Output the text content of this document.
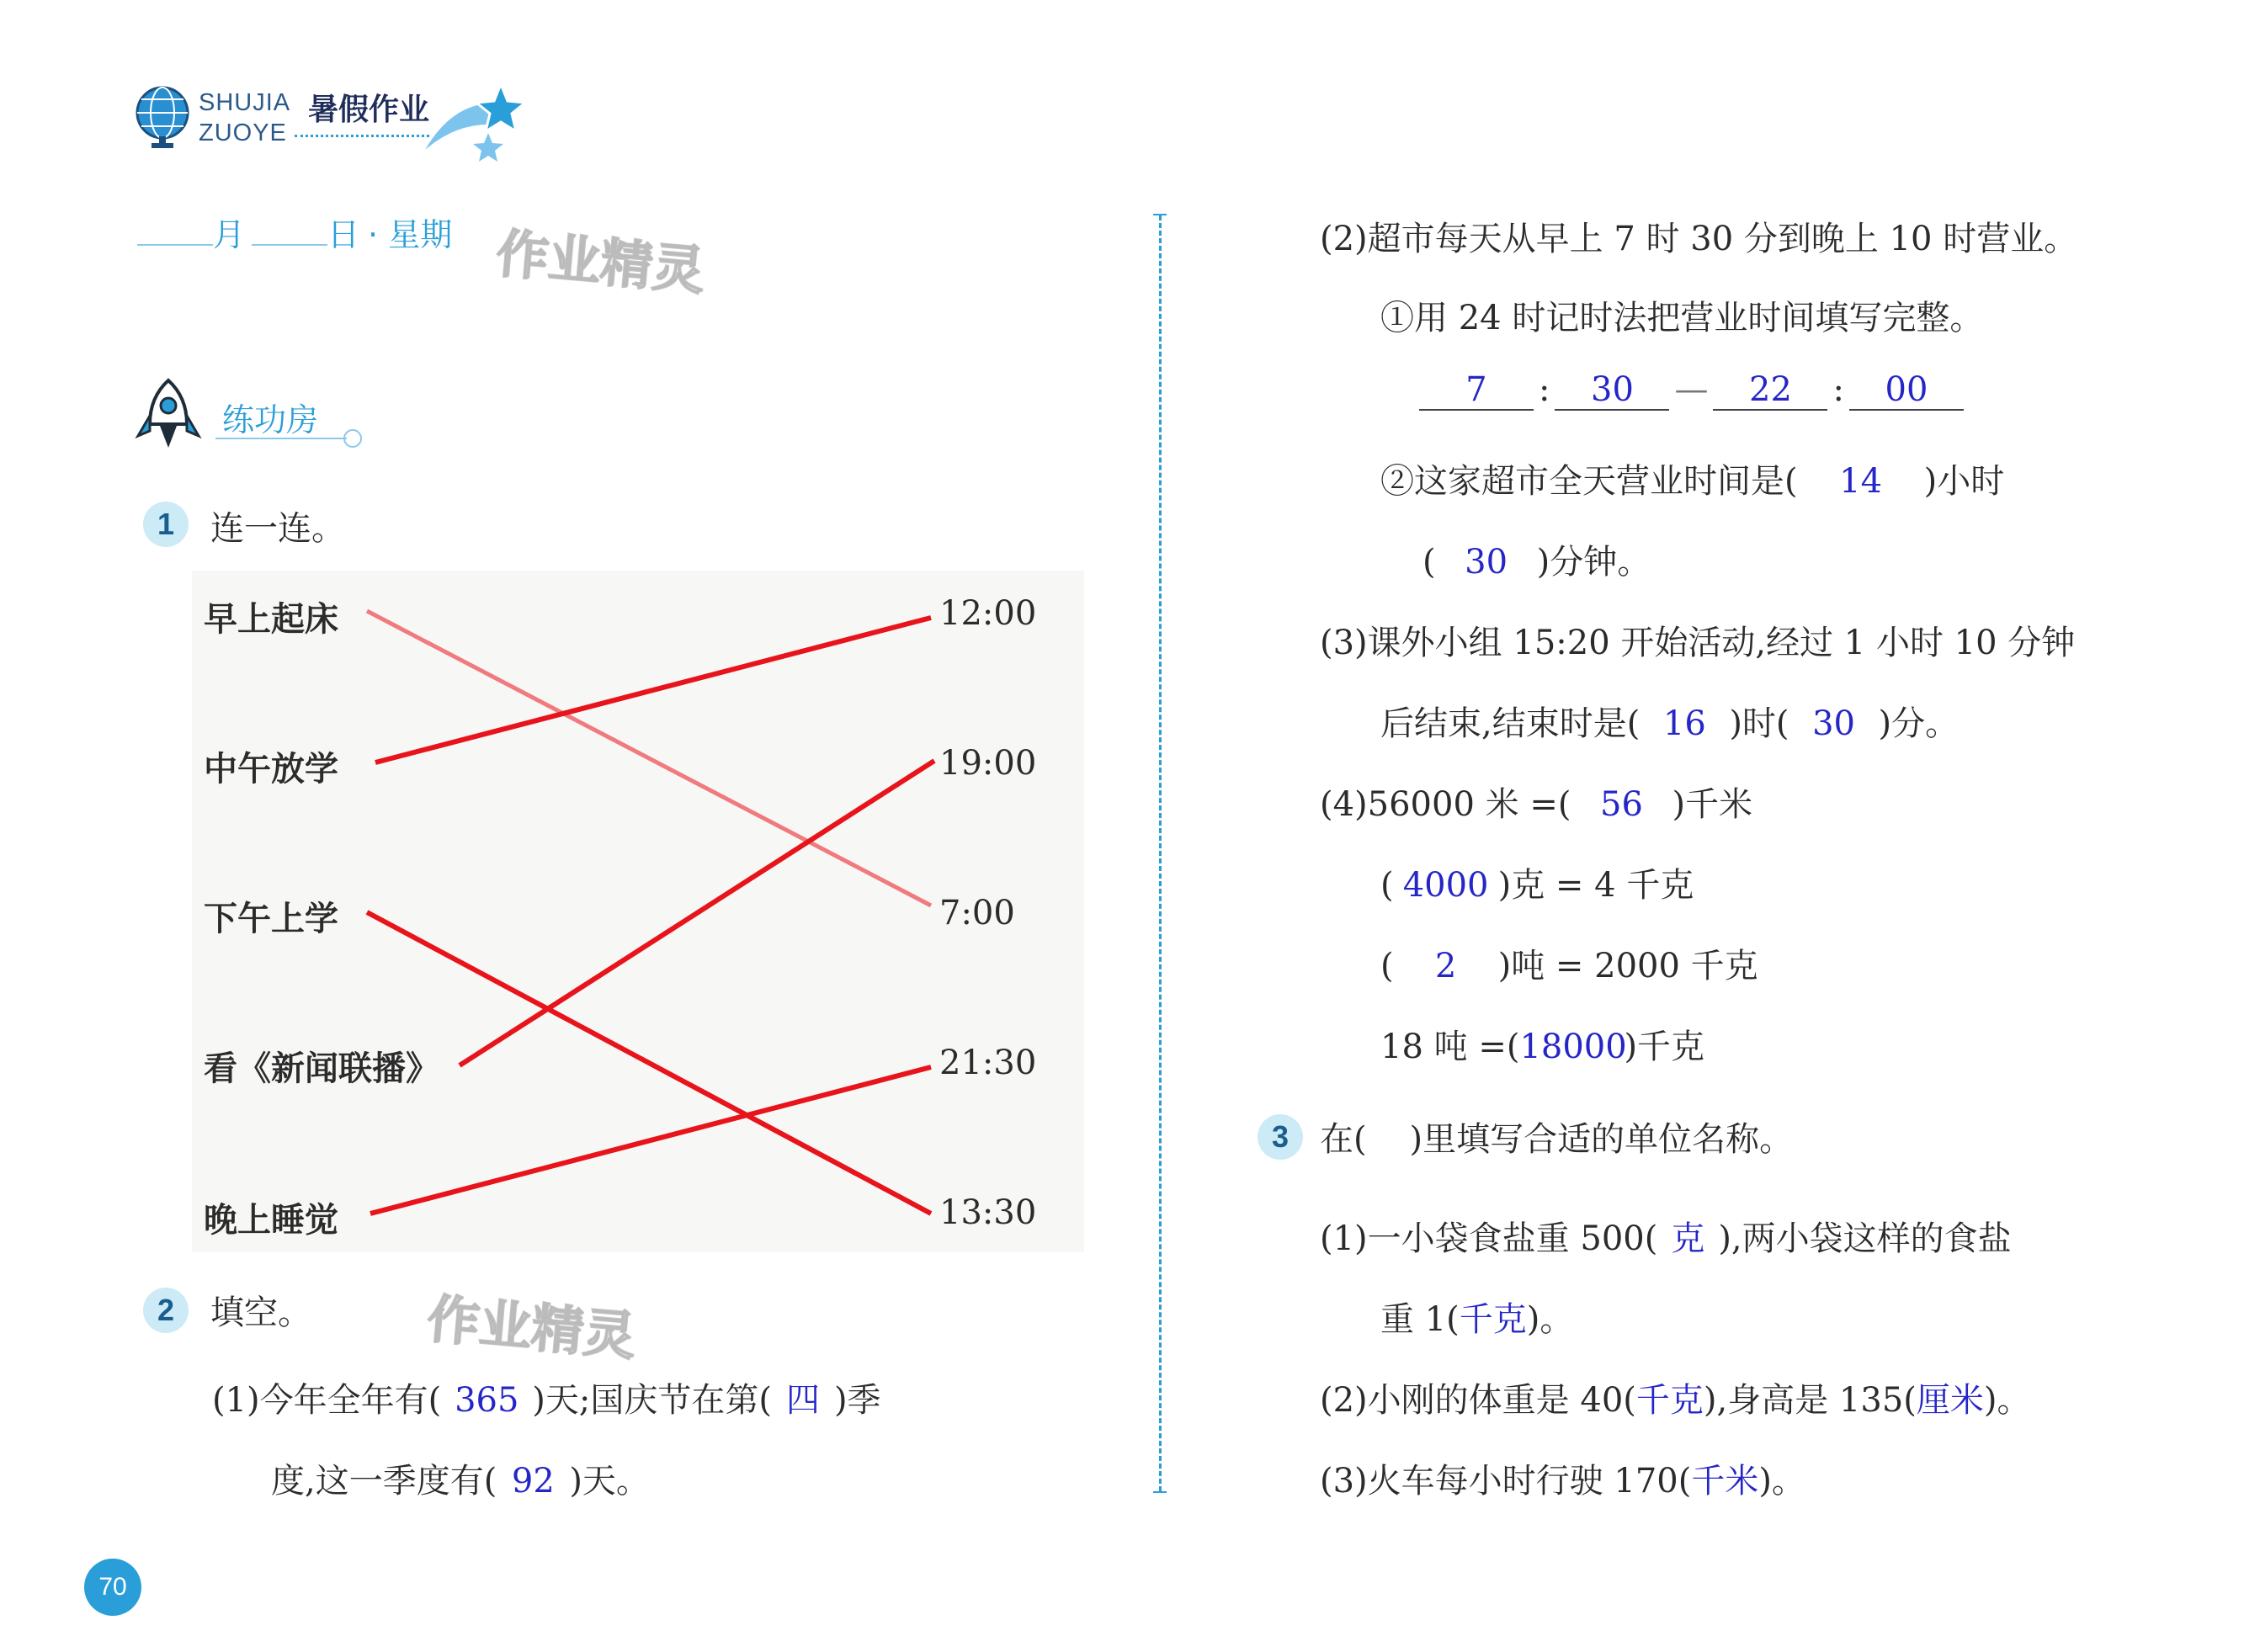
SHUJIA 暑假作业
ZUOYE
月	日 · 星期 作业精灵
作业精灵
练功房
1	连一连。
早上起床
中午放学
下午上学
看《新闻联播》
晚上睡觉
12:00
19:00
7:00
21:30
13:30
2	填空。
(1)今年全年有( 365 )天;国庆节在第( 四 )季
度,这一季度有( 92 )天。
(2)超市每天从早上 7 时 30 分到晚上 10 时营业。
①用 24 时记时法把营业时间填写完整。
7 : 30 — 22 : 00
②这家超市全天营业时间是( 14 )小时
( 30 )分钟。
(3)课外小组 15:20 开始活动,经过 1 小时 10 分钟
后结束,结束时是( 16 )时( 30 )分。
(4)56000 米 =( 56 )千米
( 4000 )克 = 4 千克
( 2 )吨 = 2000 千克
18 吨 =(18000)千克
3 在(    )里填写合适的单位名称。
(1)一小袋食盐重 500( 克 ),两小袋这样的食盐
重 1(千克)。
(2)小刚的体重是 40(千克),身高是 135(厘米)。
(3)火车每小时行驶 170(千米)。
70
